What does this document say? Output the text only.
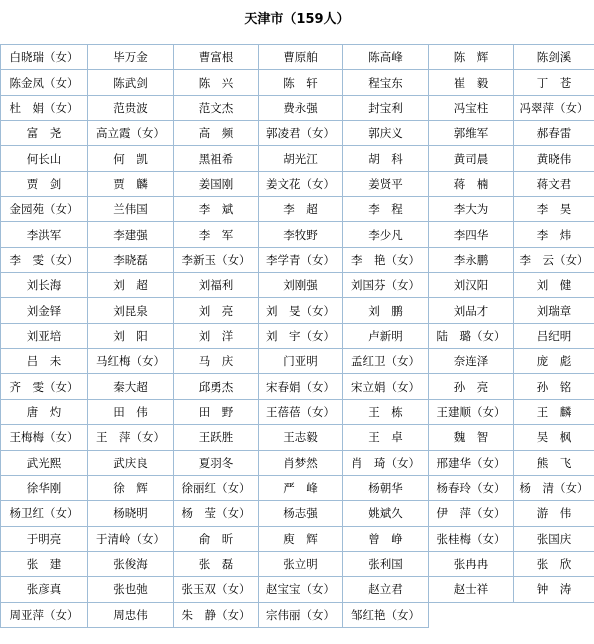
天津市（159人）
白晓瑞（女）	毕万金	曹富根	曹原舶	陈高峰	陈　辉	陈剑溪
陈金凤（女）	陈武剑	陈　兴	陈　轩	程宝东	崔　毅	丁　苍
杜　娟（女）	范贵波	范文杰	费永强	封宝利	冯宝柱	冯翠萍（女）
富　尧	高立霞（女）	高　频	郭凌君（女）	郭庆义	郭维军	郝春雷
何长山	何　凯	黑祖希	胡光江	胡　科	黄司晨	黄晓伟
贾　剑	贾　麟	姜国刚	姜文花（女）	姜贤平	蒋　楠	蒋文君
金园苑（女）	兰伟国	李　斌	李　超	李　程	李大为	李　昊
李洪军	李建强	李　军	李牧野	李少凡	李四华	李　炜
李　雯（女）	李晓磊	李新玉（女）	李学青（女）	李　艳（女）	李永鹏	李　云（女）
刘长海	刘　超	刘福利	刘刚强	刘国芬（女）	刘汉阳	刘　健
刘金铎	刘昆泉	刘　亮	刘　旻（女）	刘　鹏	刘品才	刘瑞章
刘亚培	刘　阳	刘　洋	刘　宇（女）	卢新明	陆　璐（女）	吕纪明
吕　未	马红梅（女）	马　庆	门亚明	孟红卫（女）	奈连泽	庞　彪
齐　雯（女）	秦大超	邱勇杰	宋春娟（女）	宋立娟（女）	孙　亮	孙　铭
唐　灼	田　伟	田　野	王蓓蓓（女）	王　栋	王建顺（女）	王　麟
王梅梅（女）	王　萍（女）	王跃胜	王志毅	王　卓	魏　智	吴　枫
武光熙	武庆良	夏羽冬	肖梦然	肖　琦（女）	邢建华（女）	熊　飞
徐华刚	徐　辉	徐丽红（女）	严　峰	杨朝华	杨春玲（女）	杨　清（女）
杨卫红（女）	杨晓明	杨　莹（女）	杨志强	姚斌久	伊　萍（女）	游　伟
于明亮	于清岭（女）	俞　昕	庾　辉	曾　峥	张桂梅（女）	张国庆
张　建	张俊海	张　磊	张立明	张利国	张冉冉	张　欣
张彦真	张也弛	张玉双（女）	赵宝宝（女）	赵立君	赵士祥	钟　涛
周亚萍（女）	周忠伟	朱　静（女）	宗伟丽（女）	邹红艳（女）		
